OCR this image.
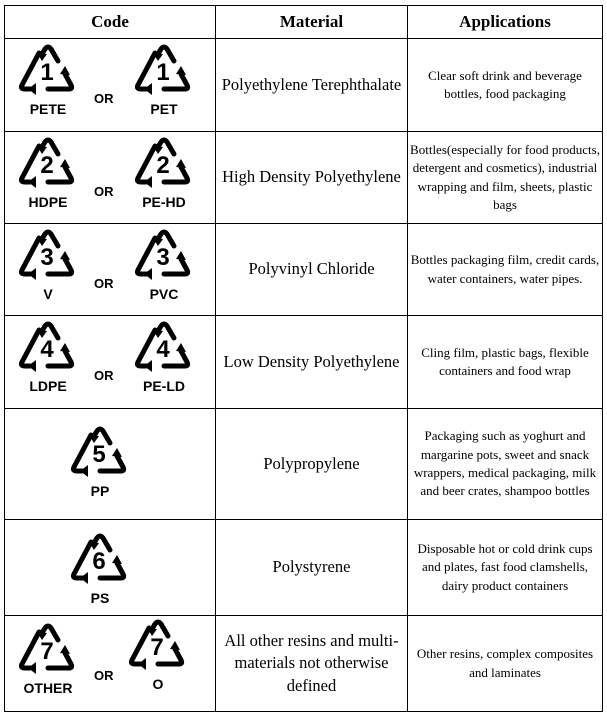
Code	Material	Applications

1
PETE
OR
1
PET	Polyethylene Terephthalate	Clear soft drink and beverage bottles, food packaging

2
HDPE
OR
2
PE-HD	High Density Polyethylene	Bottles(especially for food products, detergent and cosmetics), industrial wrapping and film, sheets, plastic bags

3
V
OR
3
PVC	Polyvinyl Chloride	Bottles packaging film, credit cards, water containers, water pipes.

4
LDPE
OR
4
PE-LD	Low Density Polyethylene	Cling film, plastic bags, flexible containers and food wrap

5
PP	Polypropylene	Packaging such as yoghurt and margarine pots, sweet and snack wrappers, medical packaging, milk and beer crates, shampoo bottles

6
PS	Polystyrene	Disposable hot or cold drink cups and plates, fast food clamshells, dairy product containers

7
OTHER
OR
7
O	All other resins and multi-materials not otherwise defined	Other resins, complex composites and laminates
